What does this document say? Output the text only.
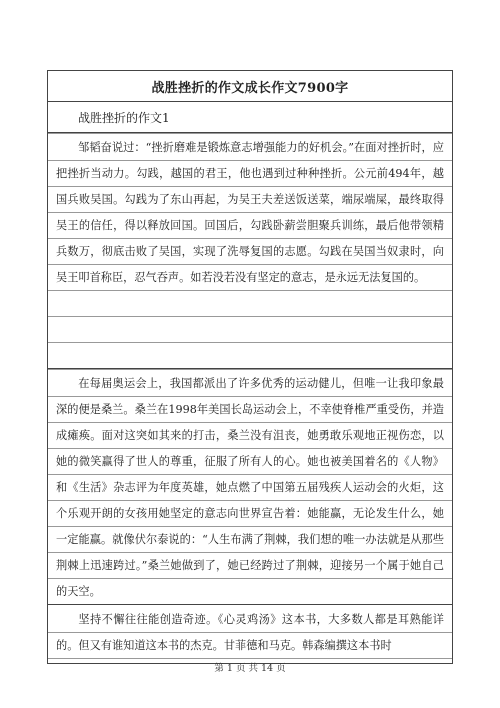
战胜挫折的作文成长作文7900字
战胜挫折的作文1
邹韬奋说过：“挫折磨难是锻炼意志增强能力的好机会。”在面对挫折时，应把挫折当动力。勾践，越国的君王，他也遇到过种种挫折。公元前494年，越国兵败吴国。勾践为了东山再起，为吴王夫差送饭送菜，端尿端屎，最终取得吴王的信任，得以释放回国。回国后，勾践卧薪尝胆聚兵训练，最后他带领精兵数万，彻底击败了吴国，实现了洗辱复国的志愿。勾践在吴国当奴隶时，向吴王叩首称臣，忍气吞声。如若没若没有坚定的意志，是永远无法复国的。
在每届奥运会上，我国都派出了许多优秀的运动健儿，但唯一让我印象最深的便是桑兰。桑兰在1998年美国长岛运动会上，不幸使脊椎严重受伤，并造成瘫痪。面对这突如其来的打击，桑兰没有沮丧，她勇敢乐观地正视伤恋，以她的微笑赢得了世人的尊重，征服了所有人的心。她也被美国着名的《人物》和《生活》杂志评为年度英雄，她点燃了中国第五届残疾人运动会的火炬，这个乐观开朗的女孩用她坚定的意志向世界宣告着：她能赢，无论发生什么，她一定能赢。就像伏尔泰说的：“人生布满了荆棘，我们想的唯一办法就是从那些荆棘上迅速跨过。”桑兰她做到了，她已经跨过了荆棘，迎接另一个属于她自己的天空。
坚持不懈往往能创造奇迹。《心灵鸡汤》这本书，大多数人都是耳熟能详的。但又有谁知道这本书的杰克。甘菲德和马克。韩森编撰这本书时
第 1 页 共 14 页
